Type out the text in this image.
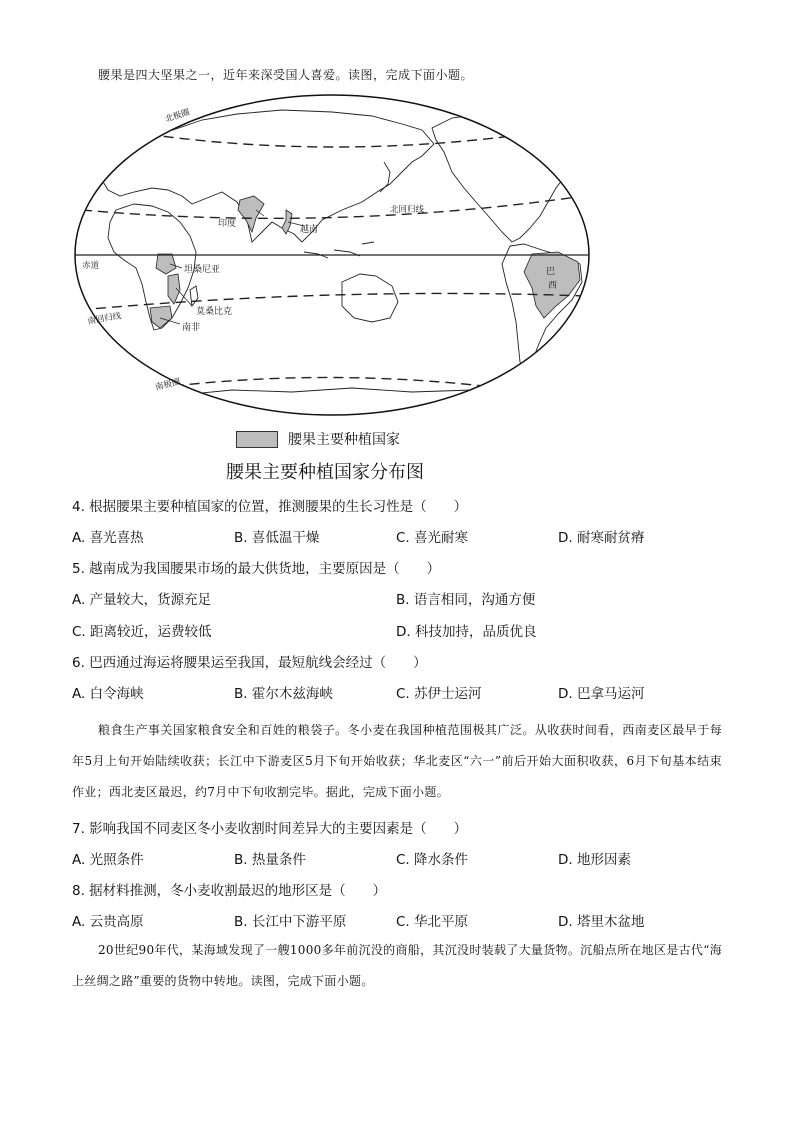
腰果是四大坚果之一，近年来深受国人喜爱。读图，完成下面小题。
北极圈
北回归线
赤道
南回归线
南极圈
印度
越南
坦桑尼亚
莫桑比克
南非
巴
西
腰果主要种植国家
腰果主要种植国家分布图
4. 根据腰果主要种植国家的位置，推测腰果的生长习性是（　　）
A. 喜光喜热	B. 喜低温干燥	C. 喜光耐寒	D. 耐寒耐贫瘠
5. 越南成为我国腰果市场的最大供货地，主要原因是（　　）
A. 产量较大，货源充足	B. 语言相同，沟通方便
C. 距离较近，运费较低	D. 科技加持，品质优良
6. 巴西通过海运将腰果运至我国，最短航线会经过（　　）
A. 白令海峡	B. 霍尔木兹海峡	C. 苏伊士运河	D. 巴拿马运河
粮食生产事关国家粮食安全和百姓的粮袋子。冬小麦在我国种植范围极其广泛。从收获时间看，西南麦区最早于每年5月上旬开始陆续收获；长江中下游麦区5月下旬开始收获；华北麦区“六一”前后开始大面积收获，6月下旬基本结束作业；西北麦区最迟，约7月中下旬收割完毕。据此，完成下面小题。
7. 影响我国不同麦区冬小麦收割时间差异大的主要因素是（　　）
A. 光照条件	B. 热量条件	C. 降水条件	D. 地形因素
8. 据材料推测，冬小麦收割最迟的地形区是（　　）
A. 云贵高原	B. 长江中下游平原	C. 华北平原	D. 塔里木盆地
20世纪90年代，某海域发现了一艘1000多年前沉没的商船，其沉没时装载了大量货物。沉船点所在地区是古代“海上丝绸之路”重要的货物中转地。读图，完成下面小题。
